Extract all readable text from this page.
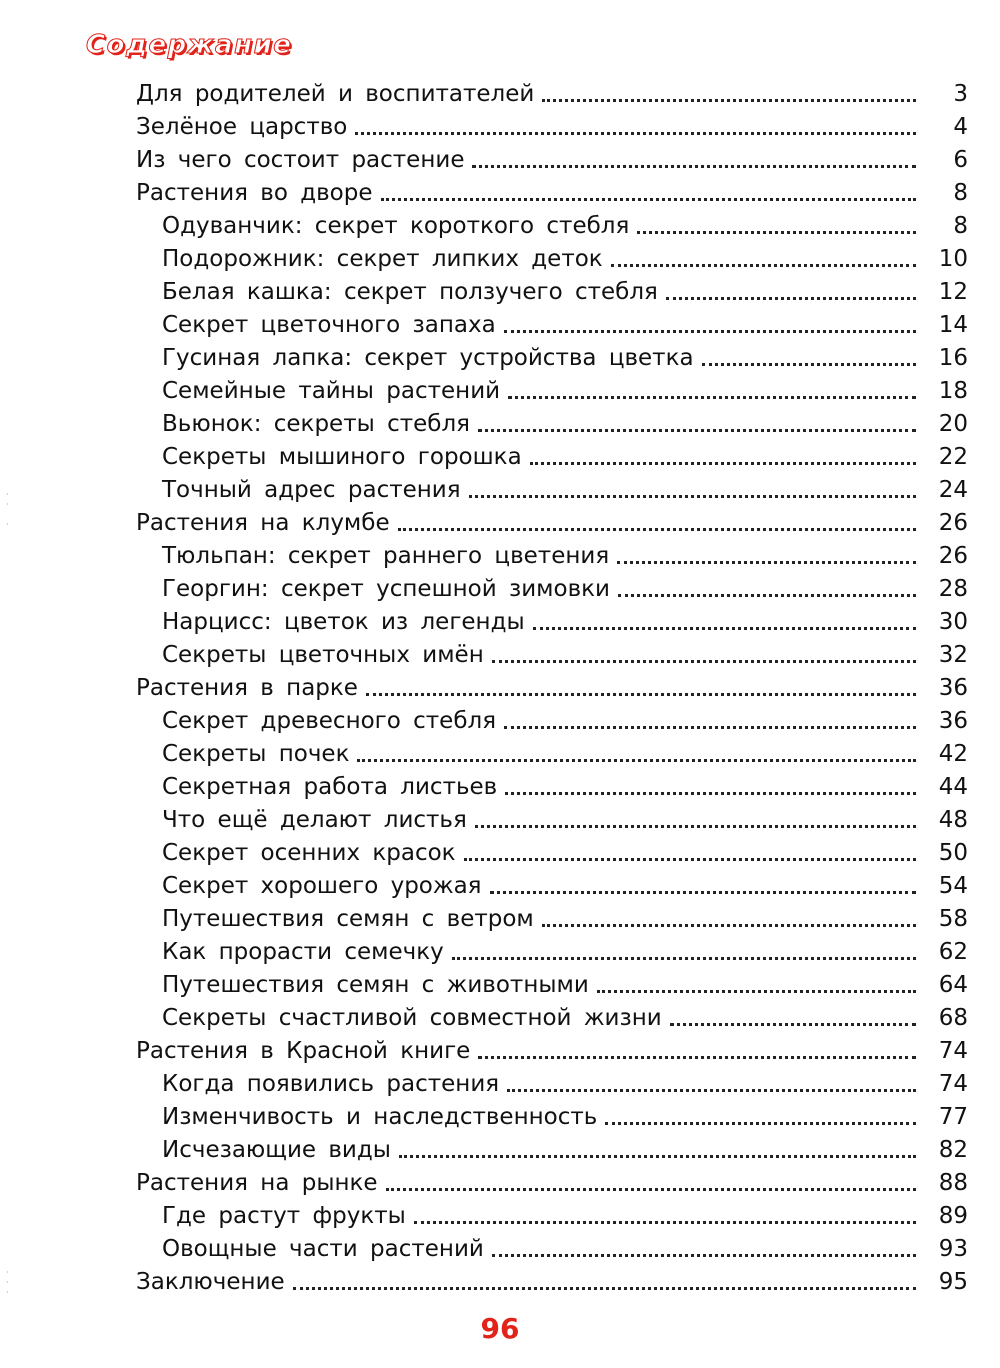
Содержание
Для родителей и воспитателей	3
Зелёное царство	4
Из чего состоит растение	6
Растения во дворе	8
Одуванчик: секрет короткого стебля	8
Подорожник: секрет липких деток	10
Белая кашка: секрет ползучего стебля	12
Секрет цветочного запаха	14
Гусиная лапка: секрет устройства цветка	16
Семейные тайны растений	18
Вьюнок: секреты стебля	20
Секреты мышиного горошка	22
Точный адрес растения	24
Растения на клумбе	26
Тюльпан: секрет раннего цветения	26
Георгин: секрет успешной зимовки	28
Нарцисс: цветок из легенды	30
Секреты цветочных имён	32
Растения в парке	36
Секрет древесного стебля	36
Секреты почек	42
Секретная работа листьев	44
Что ещё делают листья	48
Секрет осенних красок	50
Секрет хорошего урожая	54
Путешествия семян с ветром	58
Как прорасти семечку	62
Путешествия семян с животными	64
Секреты счастливой совместной жизни	68
Растения в Красной книге	74
Когда появились растения	74
Изменчивость и наследственность	77
Исчезающие виды	82
Растения на рынке	88
Где растут фрукты	89
Овощные части растений	93
Заключение	95
·
·

·
·
·
·
96
